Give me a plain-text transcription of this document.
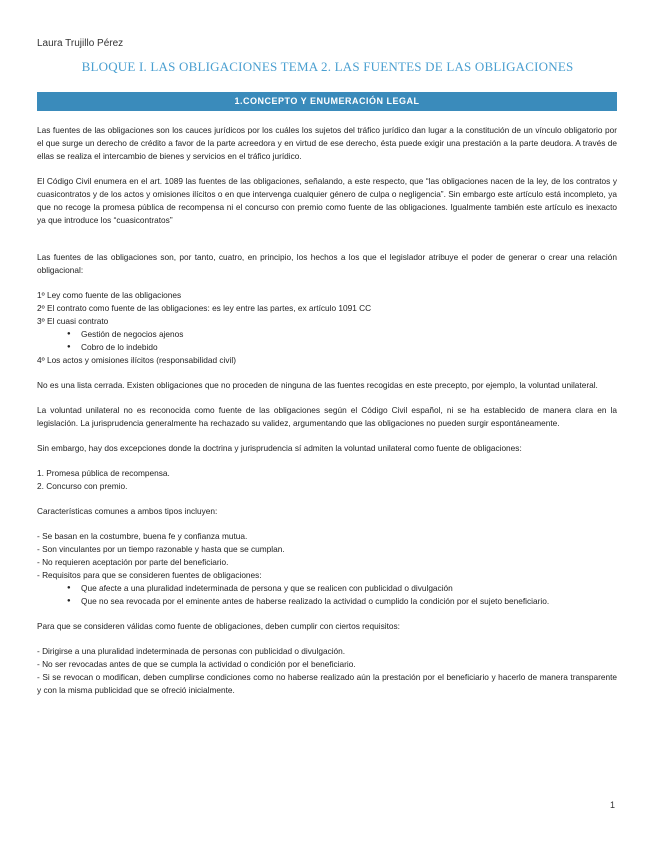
Laura Trujillo Pérez
BLOQUE I. LAS OBLIGACIONES TEMA 2. LAS FUENTES DE LAS OBLIGACIONES
1.CONCEPTO Y ENUMERACIÓN LEGAL

Las fuentes de las obligaciones son los cauces jurídicos por los cuáles los sujetos del tráfico jurídico dan lugar a la constitución de un vínculo obligatorio por el que surge un derecho de crédito a favor de la parte acreedora y en virtud de ese derecho, ésta puede exigir una prestación a la parte deudora. A través de ellas se realiza el intercambio de bienes y servicios en el tráfico jurídico.

El Código Civil enumera en el art. 1089 las fuentes de las obligaciones, señalando, a este respecto, que “las obligaciones nacen de la ley, de los contratos y cuasicontratos y de los actos y omisiones ilícitos o en que intervenga cualquier género de culpa o negligencia”. Sin embargo este artículo está incompleto, ya que no recoge la promesa pública de recompensa ni el concurso con premio como fuente de las obligaciones. Igualmente también este artículo es inexacto ya que introduce los “cuasicontratos”

Las fuentes de las obligaciones son, por tanto, cuatro, en principio, los hechos a los que el legislador atribuye el poder de generar o crear una relación obligacional:

1º Ley como fuente de las obligaciones
2º El contrato como fuente de las obligaciones: es ley entre las partes, ex artículo 1091 CC
3º El cuasi contrato
● Gestión de negocios ajenos
● Cobro de lo indebido
4º Los actos y omisiones ilícitos (responsabilidad civil)

No es una lista cerrada. Existen obligaciones que no proceden de ninguna de las fuentes recogidas en este precepto, por ejemplo, la voluntad unilateral.

La voluntad unilateral no es reconocida como fuente de las obligaciones según el Código Civil español, ni se ha establecido de manera clara en la legislación. La jurisprudencia generalmente ha rechazado su validez, argumentando que las obligaciones no pueden surgir espontáneamente.

Sin embargo, hay dos excepciones donde la doctrina y jurisprudencia sí admiten la voluntad unilateral como fuente de obligaciones:

1. Promesa pública de recompensa.
2. Concurso con premio.

Características comunes a ambos tipos incluyen:

- Se basan en la costumbre, buena fe y confianza mutua.
- Son vinculantes por un tiempo razonable y hasta que se cumplan.
- No requieren aceptación por parte del beneficiario.
- Requisitos para que se consideren fuentes de obligaciones:
● Que afecte a una pluralidad indeterminada de persona y que se realicen con publicidad o divulgación
● Que no sea revocada por el eminente antes de haberse realizado la actividad o cumplido la condición por el sujeto beneficiario.

Para que se consideren válidas como fuente de obligaciones, deben cumplir con ciertos requisitos:

- Dirigirse a una pluralidad indeterminada de personas con publicidad o divulgación.
- No ser revocadas antes de que se cumpla la actividad o condición por el beneficiario.
- Si se revocan o modifican, deben cumplirse condiciones como no haberse realizado aún la prestación por el beneficiario y hacerlo de manera transparente y con la misma publicidad que se ofreció inicialmente.
1
